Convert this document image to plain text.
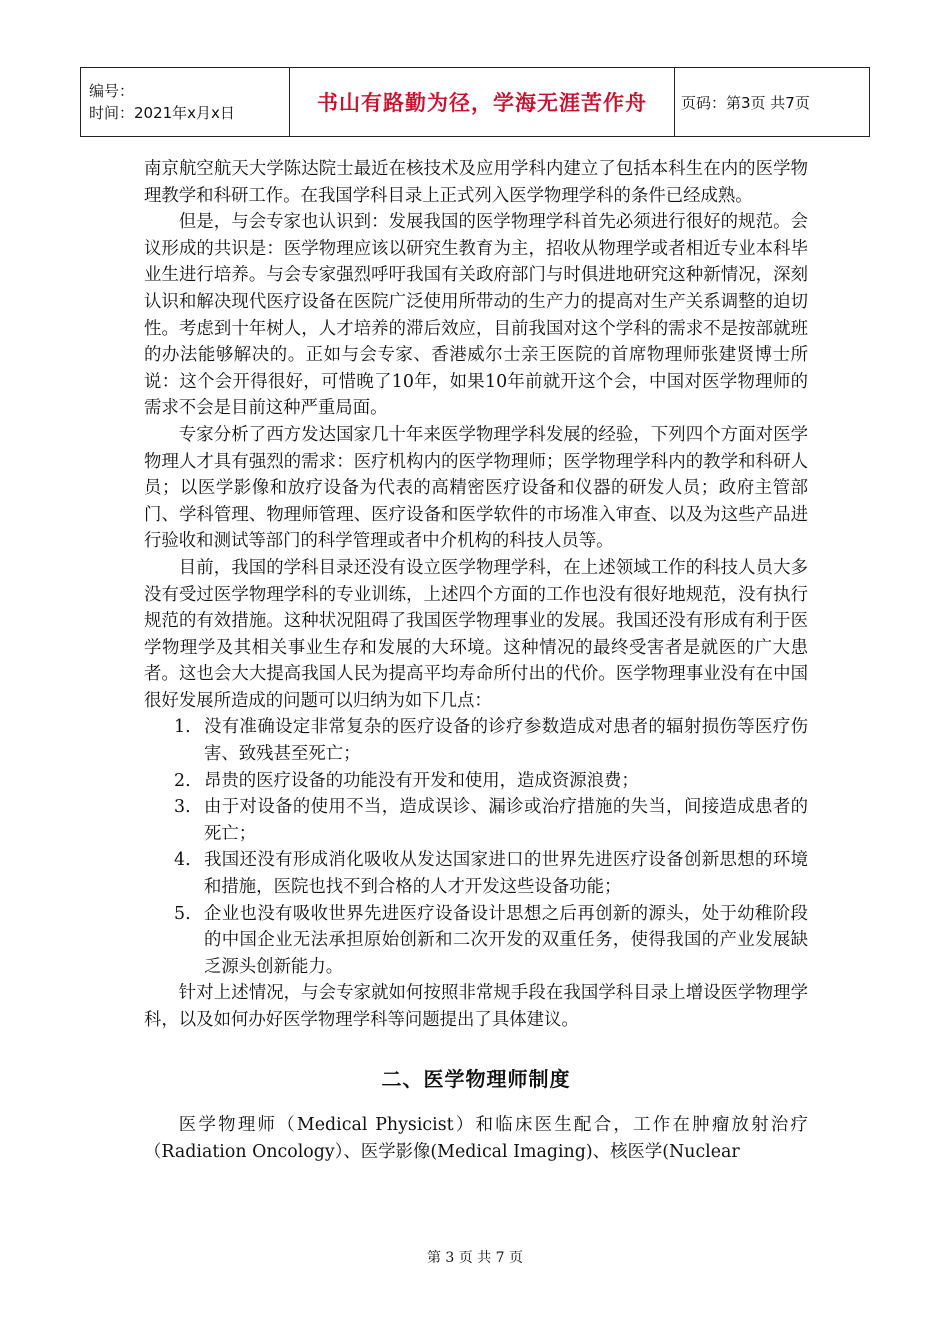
编号：
时间：2021年x月x日	书山有路勤为径，学海无涯苦作舟	页码：第3页 共7页

南京航空航天大学陈达院士最近在核技术及应用学科内建立了包括本科生在内的医学物理教学和科研工作。在我国学科目录上正式列入医学物理学科的条件已经成熟。

但是，与会专家也认识到：发展我国的医学物理学科首先必须进行很好的规范。会议形成的共识是：医学物理应该以研究生教育为主，招收从物理学或者相近专业本科毕业生进行培养。与会专家强烈呼吁我国有关政府部门与时俱进地研究这种新情况，深刻认识和解决现代医疗设备在医院广泛使用所带动的生产力的提高对生产关系调整的迫切性。考虑到十年树人，人才培养的滞后效应，目前我国对这个学科的需求不是按部就班的办法能够解决的。正如与会专家、香港威尔士亲王医院的首席物理师张建贤博士所说：这个会开得很好，可惜晚了10年，如果10年前就开这个会，中国对医学物理师的需求不会是目前这种严重局面。

专家分析了西方发达国家几十年来医学物理学科发展的经验，下列四个方面对医学物理人才具有强烈的需求：医疗机构内的医学物理师；医学物理学科内的教学和科研人员；以医学影像和放疗设备为代表的高精密医疗设备和仪器的研发人员；政府主管部门、学科管理、物理师管理、医疗设备和医学软件的市场准入审查、以及为这些产品进行验收和测试等部门的科学管理或者中介机构的科技人员等。

目前，我国的学科目录还没有设立医学物理学科，在上述领域工作的科技人员大多没有受过医学物理学科的专业训练，上述四个方面的工作也没有很好地规范，没有执行规范的有效措施。这种状况阻碍了我国医学物理事业的发展。我国还没有形成有利于医学物理学及其相关事业生存和发展的大环境。这种情况的最终受害者是就医的广大患者。这也会大大提高我国人民为提高平均寿命所付出的代价。医学物理事业没有在中国很好发展所造成的问题可以归纳为如下几点：

1. 没有准确设定非常复杂的医疗设备的诊疗参数造成对患者的辐射损伤等医疗伤害、致残甚至死亡；
2. 昂贵的医疗设备的功能没有开发和使用，造成资源浪费；
3. 由于对设备的使用不当，造成误诊、漏诊或治疗措施的失当，间接造成患者的死亡；
4. 我国还没有形成消化吸收从发达国家进口的世界先进医疗设备创新思想的环境和措施，医院也找不到合格的人才开发这些设备功能；
5. 企业也没有吸收世界先进医疗设备设计思想之后再创新的源头，处于幼稚阶段的中国企业无法承担原始创新和二次开发的双重任务，使得我国的产业发展缺乏源头创新能力。

针对上述情况，与会专家就如何按照非常规手段在我国学科目录上增设医学物理学科，以及如何办好医学物理学科等问题提出了具体建议。

二、医学物理师制度

医学物理师（Medical Physicist）和临床医生配合，工作在肿瘤放射治疗（Radiation Oncology）、医学影像(Medical Imaging)、核医学(Nuclear

第 3 页 共 7 页
